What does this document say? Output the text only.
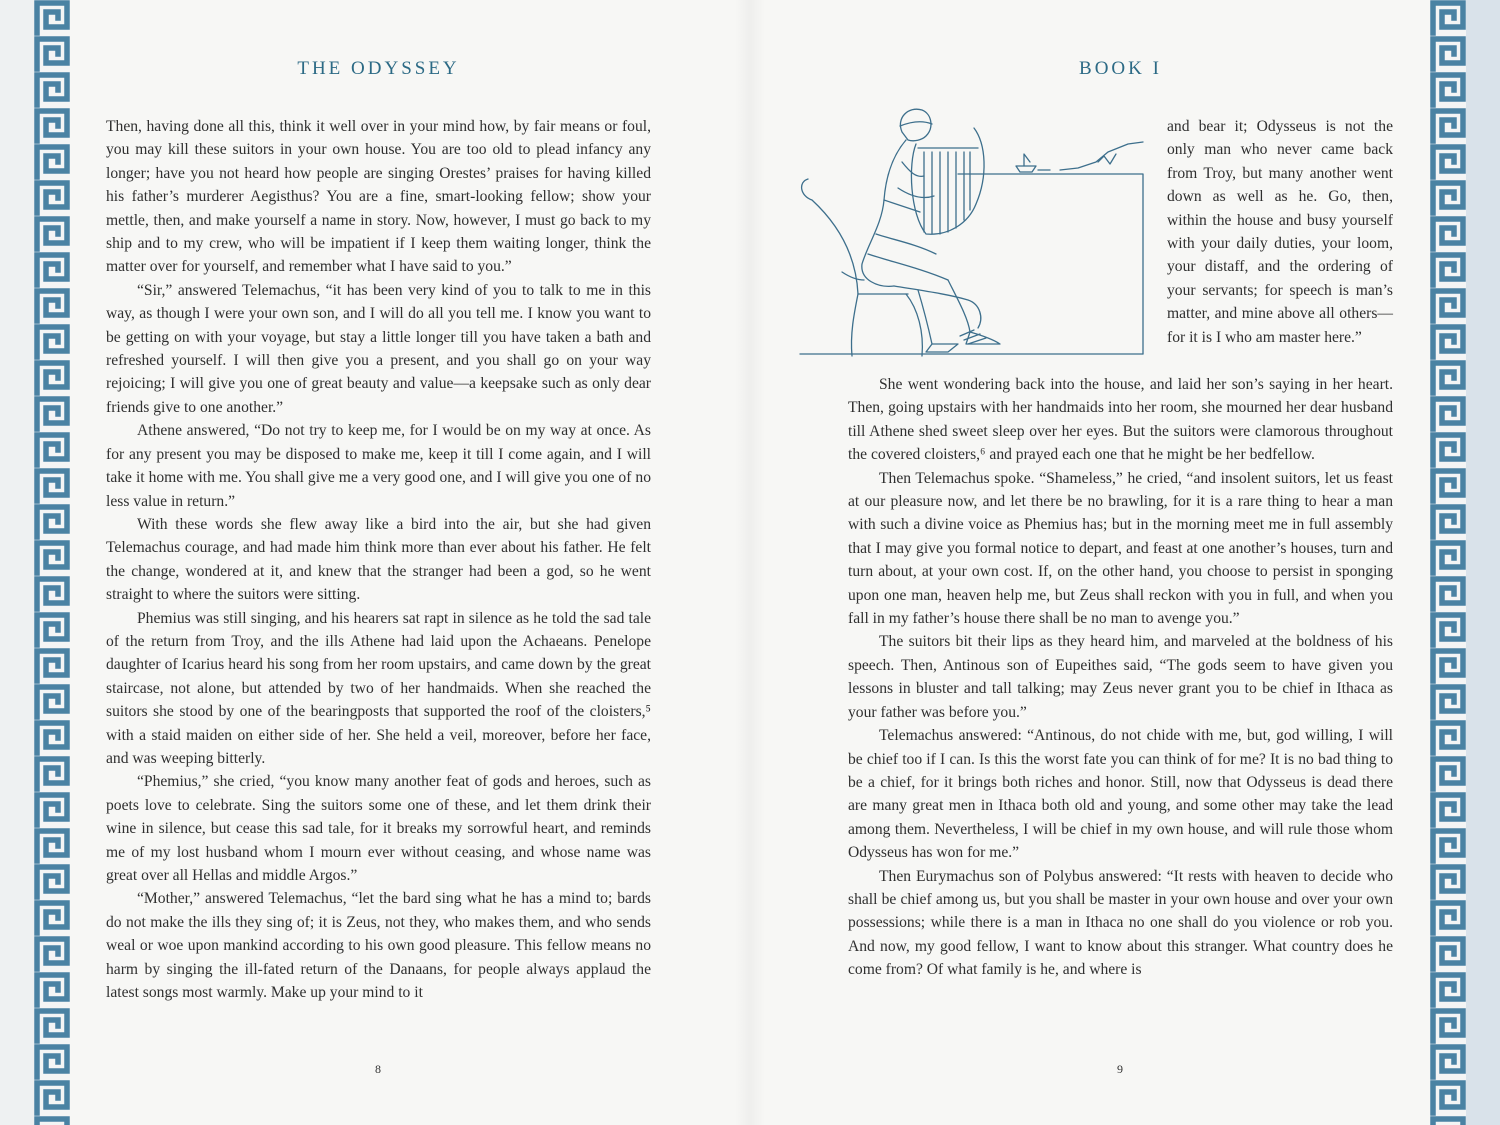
THE ODYSSEY

Then, having done all this, think it well over in your mind how, by fair means or foul, you may kill these suitors in your own house. You are too old to plead infancy any longer; have you not heard how people are singing Orestes’ praises for having killed his father’s murderer Aegisthus? You are a fine, smart-looking fellow; show your mettle, then, and make yourself a name in story. Now, however, I must go back to my ship and to my crew, who will be impatient if I keep them waiting longer, think the matter over for yourself, and remember what I have said to you.”

“Sir,” answered Telemachus, “it has been very kind of you to talk to me in this way, as though I were your own son, and I will do all you tell me. I know you want to be getting on with your voyage, but stay a little longer till you have taken a bath and refreshed yourself. I will then give you a present, and you shall go on your way rejoicing; I will give you one of great beauty and value—a keepsake such as only dear friends give to one another.”

Athene answered, “Do not try to keep me, for I would be on my way at once. As for any present you may be disposed to make me, keep it till I come again, and I will take it home with me. You shall give me a very good one, and I will give you one of no less value in return.”

With these words she flew away like a bird into the air, but she had given Telemachus courage, and had made him think more than ever about his father. He felt the change, wondered at it, and knew that the stranger had been a god, so he went straight to where the suitors were sitting.

Phemius was still singing, and his hearers sat rapt in silence as he told the sad tale of the return from Troy, and the ills Athene had laid upon the Achaeans. Penelope daughter of Icarius heard his song from her room upstairs, and came down by the great staircase, not alone, but attended by two of her handmaids. When she reached the suitors she stood by one of the bearingposts that supported the roof of the cloisters,⁵ with a staid maiden on either side of her. She held a veil, moreover, before her face, and was weeping bitterly.

“Phemius,” she cried, “you know many another feat of gods and heroes, such as poets love to celebrate. Sing the suitors some one of these, and let them drink their wine in silence, but cease this sad tale, for it breaks my sorrowful heart, and reminds me of my lost husband whom I mourn ever without ceasing, and whose name was great over all Hellas and middle Argos.”

“Mother,” answered Telemachus, “let the bard sing what he has a mind to; bards do not make the ills they sing of; it is Zeus, not they, who makes them, and who sends weal or woe upon mankind according to his own good pleasure. This fellow means no harm by singing the ill-fated return of the Danaans, for people always applaud the latest songs most warmly. Make up your mind to it

8
BOOK I

and bear it; Odysseus is not the only man who never came back from Troy, but many another went down as well as he. Go, then, within the house and busy yourself with your daily duties, your loom, your distaff, and the ordering of your servants; for speech is man’s matter, and mine above all others—for it is I who am master here.”

She went wondering back into the house, and laid her son’s saying in her heart. Then, going upstairs with her handmaids into her room, she mourned her dear husband till Athene shed sweet sleep over her eyes. But the suitors were clamorous throughout the covered cloisters,⁶ and prayed each one that he might be her bedfellow.

Then Telemachus spoke. “Shameless,” he cried, “and insolent suitors, let us feast at our pleasure now, and let there be no brawling, for it is a rare thing to hear a man with such a divine voice as Phemius has; but in the morning meet me in full assembly that I may give you formal notice to depart, and feast at one another’s houses, turn and turn about, at your own cost. If, on the other hand, you choose to persist in sponging upon one man, heaven help me, but Zeus shall reckon with you in full, and when you fall in my father’s house there shall be no man to avenge you.”

The suitors bit their lips as they heard him, and marveled at the boldness of his speech. Then, Antinous son of Eupeithes said, “The gods seem to have given you lessons in bluster and tall talking; may Zeus never grant you to be chief in Ithaca as your father was before you.”

Telemachus answered: “Antinous, do not chide with me, but, god willing, I will be chief too if I can. Is this the worst fate you can think of for me? It is no bad thing to be a chief, for it brings both riches and honor. Still, now that Odysseus is dead there are many great men in Ithaca both old and young, and some other may take the lead among them. Nevertheless, I will be chief in my own house, and will rule those whom Odysseus has won for me.”

Then Eurymachus son of Polybus answered: “It rests with heaven to decide who shall be chief among us, but you shall be master in your own house and over your own possessions; while there is a man in Ithaca no one shall do you violence or rob you. And now, my good fellow, I want to know about this stranger. What country does he come from? Of what family is he, and where is

9
